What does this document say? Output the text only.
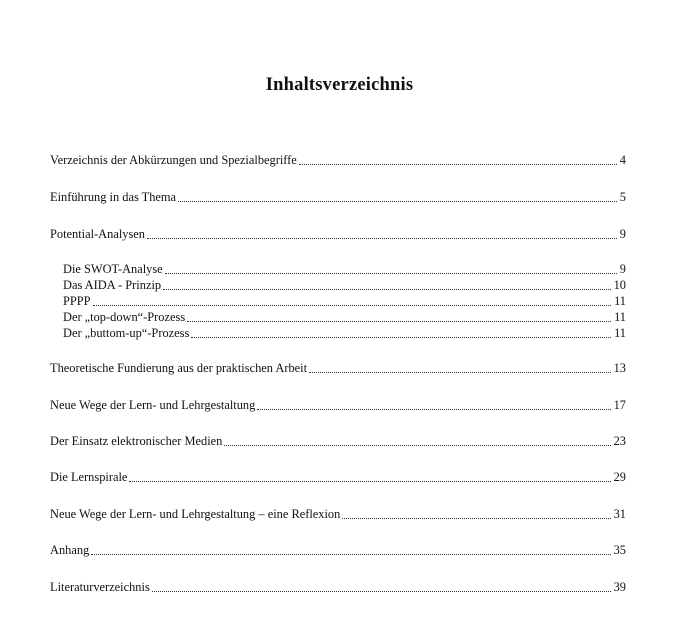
Inhaltsverzeichnis
Verzeichnis der Abkürzungen und Spezialbegriffe	4
Einführung in das Thema	5
Potential-Analysen	9
Die SWOT-Analyse	9
Das AIDA - Prinzip	10
PPPP	11
Der „top-down“-Prozess	11
Der „buttom-up“-Prozess	11
Theoretische Fundierung aus der praktischen Arbeit	13
Neue Wege der Lern- und Lehrgestaltung	17
Der Einsatz elektronischer Medien	23
Die Lernspirale	29
Neue Wege der Lern- und Lehrgestaltung – eine Reflexion	31
Anhang	35
Literaturverzeichnis	39
